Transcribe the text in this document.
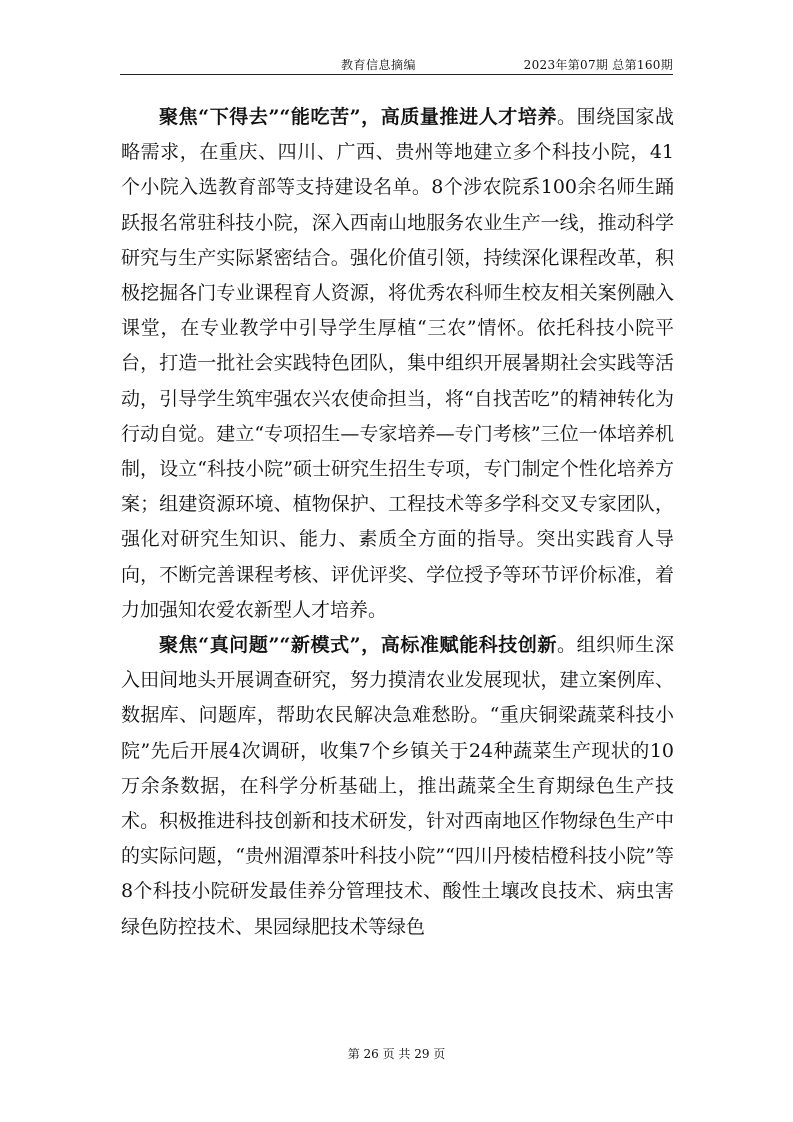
教育信息摘编	2023年第07期 总第160期

聚焦“下得去”“能吃苦”，高质量推进人才培养。围绕国家战略需求，在重庆、四川、广西、贵州等地建立多个科技小院，41个小院入选教育部等支持建设名单。8个涉农院系100余名师生踊跃报名常驻科技小院，深入西南山地服务农业生产一线，推动科学研究与生产实际紧密结合。强化价值引领，持续深化课程改革，积极挖掘各门专业课程育人资源，将优秀农科师生校友相关案例融入课堂，在专业教学中引导学生厚植“三农”情怀。依托科技小院平台，打造一批社会实践特色团队，集中组织开展暑期社会实践等活动，引导学生筑牢强农兴农使命担当，将“自找苦吃”的精神转化为行动自觉。建立“专项招生—专家培养—专门考核”三位一体培养机制，设立“科技小院”硕士研究生招生专项，专门制定个性化培养方案；组建资源环境、植物保护、工程技术等多学科交叉专家团队，强化对研究生知识、能力、素质全方面的指导。突出实践育人导向，不断完善课程考核、评优评奖、学位授予等环节评价标准，着力加强知农爱农新型人才培养。

聚焦“真问题”“新模式”，高标准赋能科技创新。组织师生深入田间地头开展调查研究，努力摸清农业发展现状，建立案例库、数据库、问题库，帮助农民解决急难愁盼。“重庆铜梁蔬菜科技小院”先后开展4次调研，收集7个乡镇关于24种蔬菜生产现状的10万余条数据，在科学分析基础上，推出蔬菜全生育期绿色生产技术。积极推进科技创新和技术研发，针对西南地区作物绿色生产中的实际问题，“贵州湄潭茶叶科技小院”“四川丹棱桔橙科技小院”等8个科技小院研发最佳养分管理技术、酸性土壤改良技术、病虫害绿色防控技术、果园绿肥技术等绿色

第 26 页 共 29 页
